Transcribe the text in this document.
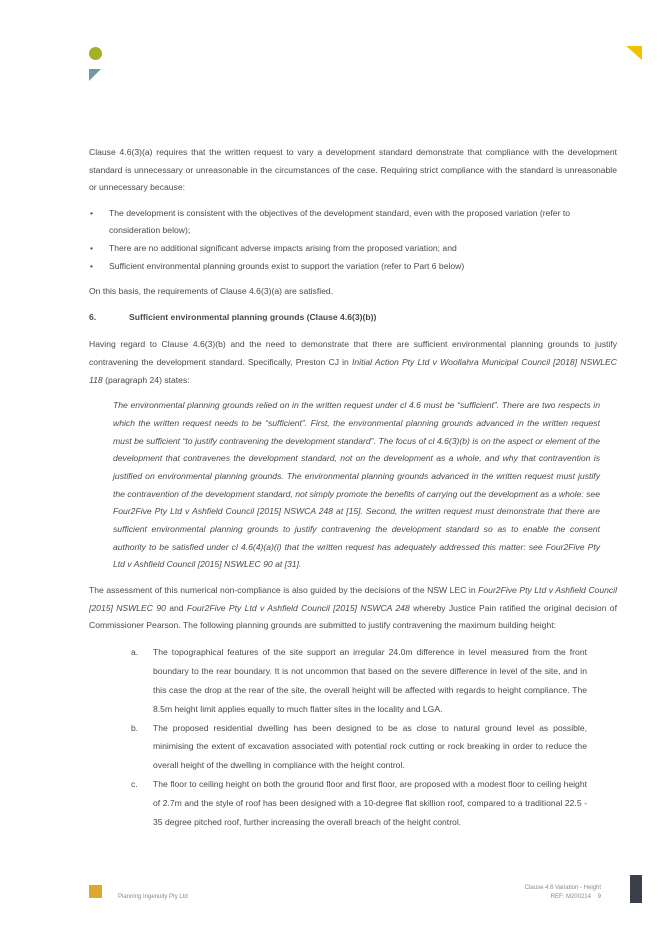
Clause 4.6(3)(a) requires that the written request to vary a development standard demonstrate that compliance with the development standard is unnecessary or unreasonable in the circumstances of the case. Requiring strict compliance with the standard is unreasonable or unnecessary because:

• The development is consistent with the objectives of the development standard, even with the proposed variation (refer to consideration below);
• There are no additional significant adverse impacts arising from the proposed variation; and
• Sufficient environmental planning grounds exist to support the variation (refer to Part 6 below)

On this basis, the requirements of Clause 4.6(3)(a) are satisfied.

6.	Sufficient environmental planning grounds (Clause 4.6(3)(b))

Having regard to Clause 4.6(3)(b) and the need to demonstrate that there are sufficient environmental planning grounds to justify contravening the development standard. Specifically, Preston CJ in Initial Action Pty Ltd v Woollahra Municipal Council [2018] NSWLEC 118 (paragraph 24) states:

The environmental planning grounds relied on in the written request under cl 4.6 must be “sufficient”. There are two respects in which the written request needs to be “sufficient”. First, the environmental planning grounds advanced in the written request must be sufficient “to justify contravening the development standard”. The focus of cl 4.6(3)(b) is on the aspect or element of the development that contravenes the development standard, not on the development as a whole, and why that contravention is justified on environmental planning grounds. The environmental planning grounds advanced in the written request must justify the contravention of the development standard, not simply promote the benefits of carrying out the development as a whole: see Four2Five Pty Ltd v Ashfield Council [2015] NSWCA 248 at [15]. Second, the written request must demonstrate that there are sufficient environmental planning grounds to justify contravening the development standard so as to enable the consent authority to be satisfied under cl 4.6(4)(a)(i) that the written request has adequately addressed this matter: see Four2Five Pty Ltd v Ashfield Council [2015] NSWLEC 90 at [31].

The assessment of this numerical non-compliance is also guided by the decisions of the NSW LEC in Four2Five Pty Ltd v Ashfield Council [2015] NSWLEC 90 and Four2Five Pty Ltd v Ashfield Council [2015] NSWCA 248 whereby Justice Pain ratified the original decision of Commissioner Pearson. The following planning grounds are submitted to justify contravening the maximum building height:

a. The topographical features of the site support an irregular 24.0m difference in level measured from the front boundary to the rear boundary. It is not uncommon that based on the severe difference in level of the site, and in this case the drop at the rear of the site, the overall height will be affected with regards to height compliance. The 8.5m height limit applies equally to much flatter sites in the locality and LGA.
b. The proposed residential dwelling has been designed to be as close to natural ground level as possible, minimising the extent of excavation associated with potential rock cutting or rock breaking in order to reduce the overall height of the dwelling in compliance with the height control.
c. The floor to ceiling height on both the ground floor and first floor, are proposed with a modest floor to ceiling height of 2.7m and the style of roof has been designed with a 10-degree flat skillion roof, compared to a traditional 22.5 - 35 degree pitched roof, further increasing the overall breach of the height control.
Planning Ingenuity Pty Ltd
Clause 4.6 Variation - Height
REF: M200214 9
